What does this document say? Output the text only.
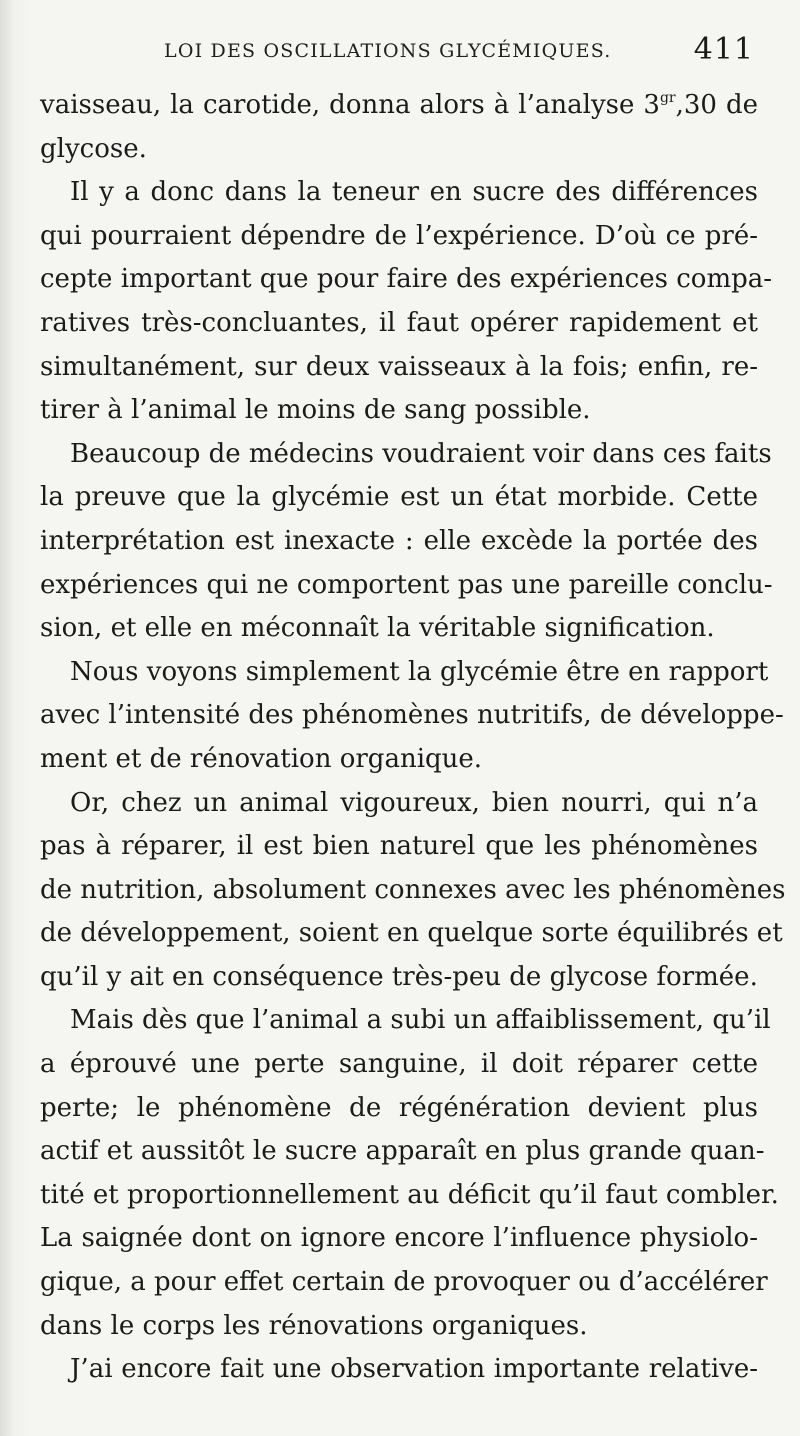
LOI DES OSCILLATIONS GLYCÉMIQUES.	411
vaisseau, la carotide, donna alors à l’analyse $3^{gr},30$ de
glycose.
Il y a donc dans la teneur en sucre des différences
qui pourraient dépendre de l’expérience. D’où ce pré-
cepte important que pour faire des expériences compa-
ratives très-concluantes, il faut opérer rapidement et
simultanément, sur deux vaisseaux à la fois; enfin, re-
tirer à l’animal le moins de sang possible.
Beaucoup de médecins voudraient voir dans ces faits
la preuve que la glycémie est un état morbide. Cette
interprétation est inexacte : elle excède la portée des
expériences qui ne comportent pas une pareille conclu-
sion, et elle en méconnaît la véritable signification.
Nous voyons simplement la glycémie être en rapport
avec l’intensité des phénomènes nutritifs, de développe-
ment et de rénovation organique.
Or, chez un animal vigoureux, bien nourri, qui n’a
pas à réparer, il est bien naturel que les phénomènes
de nutrition, absolument connexes avec les phénomènes
de développement, soient en quelque sorte équilibrés et
qu’il y ait en conséquence très-peu de glycose formée.
Mais dès que l’animal a subi un affaiblissement, qu’il
a éprouvé une perte sanguine, il doit réparer cette
perte; le phénomène de régénération devient plus
actif et aussitôt le sucre apparaît en plus grande quan-
tité et proportionnellement au déficit qu’il faut combler.
La saignée dont on ignore encore l’influence physiolo-
gique, a pour effet certain de provoquer ou d’accélérer
dans le corps les rénovations organiques.
J’ai encore fait une observation importante relative-
